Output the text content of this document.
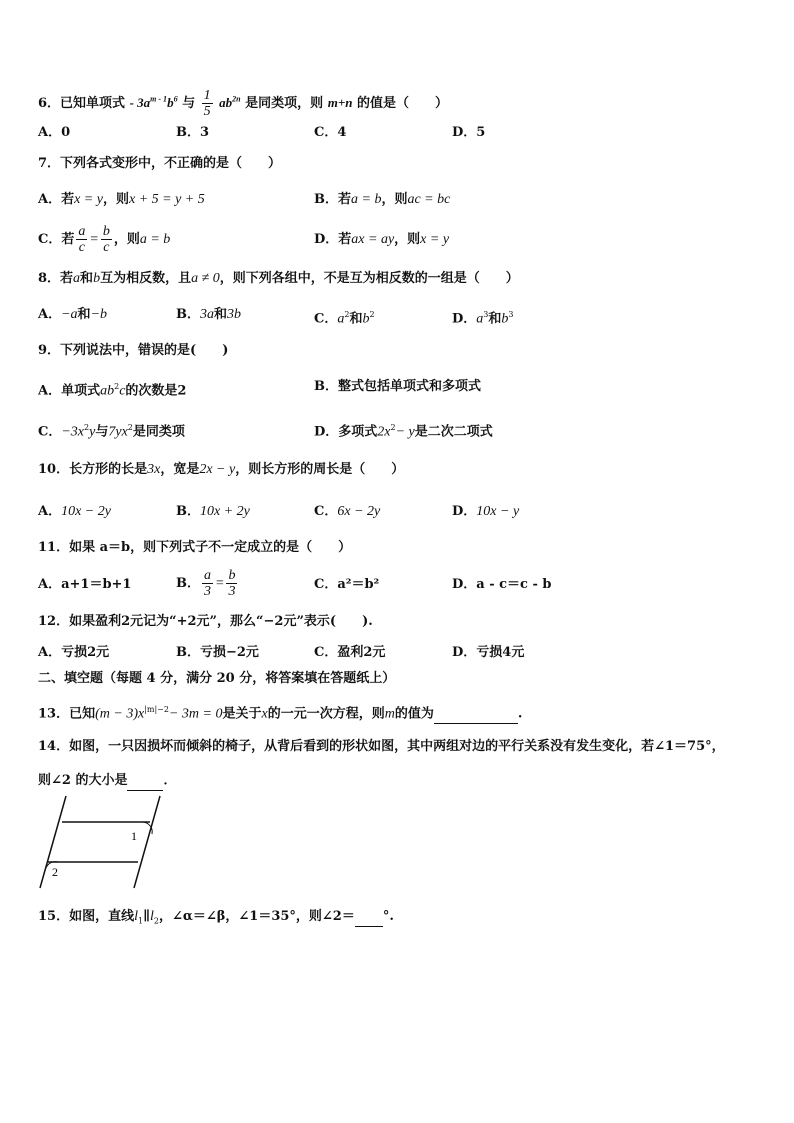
6．已知单项式 - $3a^{m - 1}b^6$ 与 $\frac{1}{5} ab^{2n}$ 是同类项，则 m+n 的值是（　　）
A．0	B．3	C．4	D．5
7．下列各式变形中，不正确的是（　　）
A．若x = y，则x + 5 = y + 5	B．若a = b，则ac = bc
C．若 $\frac{a}{c} = \frac{b}{c}$ ，则a = b	D．若ax = ay，则x = y
8．若a和b互为相反数，且a ≠ 0，则下列各组中，不是互为相反数的一组是（　　）
A．−a和−b	B．3a和3b	C．$a^2$和$b^2$	D．$a^3$和$b^3$
9．下列说法中，错误的是(　　)
A．单项式$ab^2c$的次数是2	B．整式包括单项式和多项式
C．$-3x^2y$与$7yx^2$是同类项	D．多项式$2x^2- y$是二次二项式
10．长方形的长是3x，宽是2x − y，则长方形的周长是（　　）
A．10x − 2y	B．10x + 2y	C．6x − 2y	D．10x − y
11．如果 a＝b，则下列式子不一定成立的是（　　）
A．a+1＝b+1	B． $\frac{a}{3} = \frac{b}{3}$	C．a²＝b²	D．a - c＝c - b
12．如果盈利2元记为“+2元”，那么“−2元”表示(　　).
A．亏损2元	B．亏损−2元	C．盈利2元	D．亏损4元
二、填空题（每题 4 分，满分 20 分，将答案填在答题纸上）
13．已知$(m - 3)x^{|m|-2}- 3m = 0$是关于x的一元一次方程，则m的值为	.
14．如图，一只因损坏而倾斜的椅子，从背后看到的形状如图，其中两组对边的平行关系没有发生变化，若∠1＝75°，
则∠2 的大小是	．
1
2
15．如图，直线$l_1\parallel l_2$，∠α＝∠β，∠1＝35°，则∠2＝ °.
